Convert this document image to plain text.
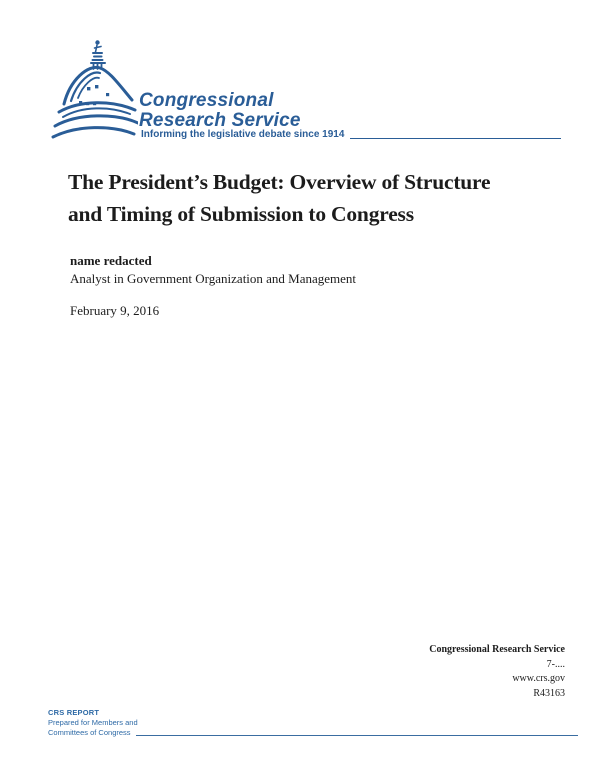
Congressional
Research Service
Informing the legislative debate since 1914
The President’s Budget: Overview of Structure
and Timing of Submission to Congress
name redacted
Analyst in Government Organization and Management
February 9, 2016
Congressional Research Service
7-....
www.crs.gov
R43163
CRS REPORT
Prepared for Members and
Committees of Congress
